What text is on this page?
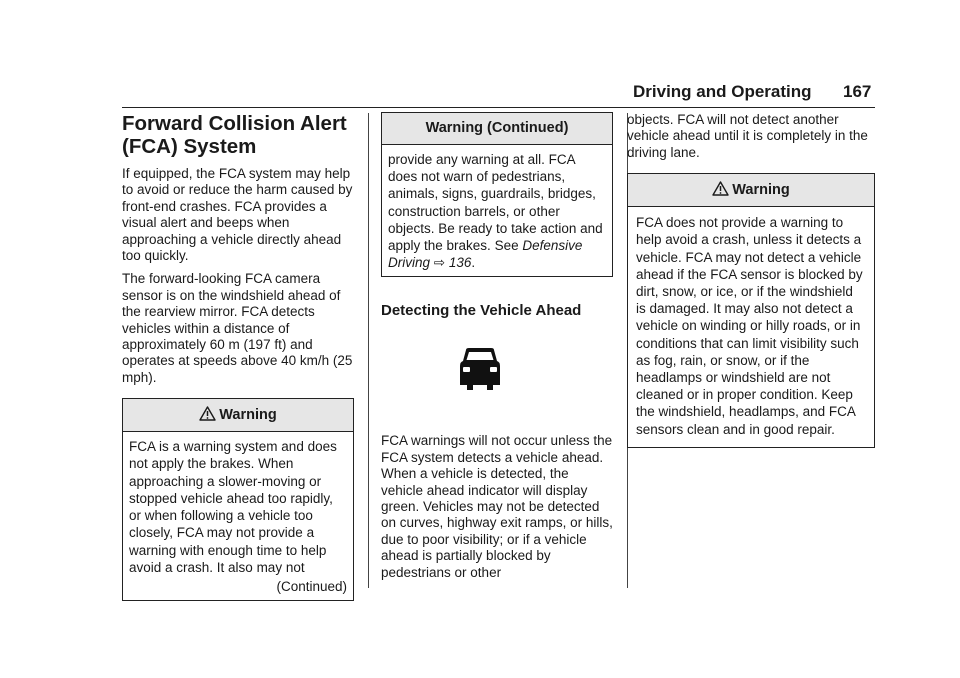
Driving and Operating 167
Forward Collision Alert
(FCA) System

If equipped, the FCA system may help to avoid or reduce the harm caused by front-end crashes. FCA provides a visual alert and beeps when approaching a vehicle directly ahead too quickly.

The forward-looking FCA camera sensor is on the windshield ahead of the rearview mirror. FCA detects vehicles within a distance of approximately 60 m (197 ft) and operates at speeds above 40 km/h (25 mph).

Warning
FCA is a warning system and does not apply the brakes. When approaching a slower-moving or stopped vehicle ahead too rapidly, or when following a vehicle too closely, FCA may not provide a warning with enough time to help avoid a crash. It also may not
(Continued)
Warning (Continued)
provide any warning at all. FCA does not warn of pedestrians, animals, signs, guardrails, bridges, construction barrels, or other objects. Be ready to take action and apply the brakes. See Defensive Driving ⇨ 136.
Detecting the Vehicle Ahead

FCA warnings will not occur unless the FCA system detects a vehicle ahead. When a vehicle is detected, the vehicle ahead indicator will display green. Vehicles may not be detected on curves, highway exit ramps, or hills, due to poor visibility; or if a vehicle ahead is partially blocked by pedestrians or other

objects. FCA will not detect another vehicle ahead until it is completely in the driving lane.

Warning
FCA does not provide a warning to help avoid a crash, unless it detects a vehicle. FCA may not detect a vehicle ahead if the FCA sensor is blocked by dirt, snow, or ice, or if the windshield is damaged. It may also not detect a vehicle on winding or hilly roads, or in conditions that can limit visibility such as fog, rain, or snow, or if the headlamps or windshield are not cleaned or in proper condition. Keep the windshield, headlamps, and FCA sensors clean and in good repair.
